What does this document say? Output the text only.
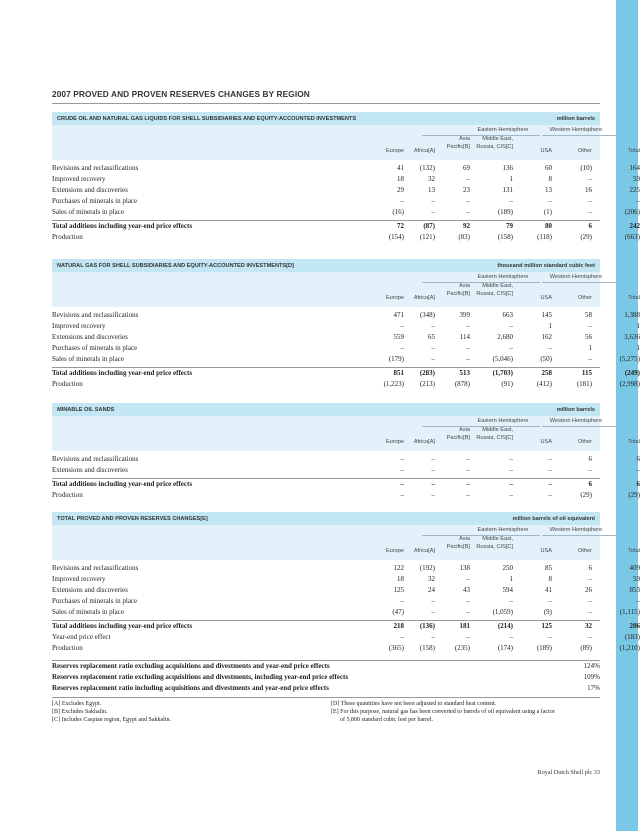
2007 PROVED AND PROVEN RESERVES CHANGES BY REGION
CRUDE OIL AND NATURAL GAS LIQUIDS FOR SHELL SUBSIDIARIES AND EQUITY-ACCOUNTED INVESTMENTS	million barrels
Eastern Hemisphere	Western Hemisphere
Asia	Middle East,
Europe	Africa[A]
Pacific[B]	Russia, CIS[C]
USA	Other	Total
Revisions and reclassifications	41	(132)	69	136	60	(10)	164
Improved recovery	18	32	–	1	8	–	59
Extensions and discoveries	29	13	23	131	13	16	225
Purchases of minerals in place	–	–	–	–	–	–	–
Sales of minerals in place	(16)	–	–	(189)	(1)	–	(206)
Total additions including year-end price effects	72	(87)	92	79	80	6	242
Production	(154)	(121)	(83)	(158)	(118)	(29)	(663)
NATURAL GAS FOR SHELL SUBSIDIARIES AND EQUITY-ACCOUNTED INVESTMENTS[D]	thousand million standard cubic feet
Eastern Hemisphere	Western Hemisphere
Asia	Middle East,
Europe	Africa[A]
Pacific[B]	Russia, CIS[C]
USA	Other	Total
Revisions and reclassifications	471	(348)	399	663	145	58	1,388
Improved recovery	–	–	–	–	1	–	1
Extensions and discoveries	559	65	114	2,680	162	56	3,636
Purchases of minerals in place	–	–	–	–	–	1	1
Sales of minerals in place	(179)	–	–	(5,046)	(50)	–	(5,275)
Total additions including year-end price effects	851	(283)	513	(1,703)	258	115	(249)
Production	(1,223)	(213)	(878)	(91)	(412)	(181)	(2,998)
MINABLE OIL SANDS	million barrels
Eastern Hemisphere	Western Hemisphere
Asia	Middle East,
Europe	Africa[A]
Pacific[B]	Russia, CIS[C]
USA	Other	Total
Revisions and reclassifications	–	–	–	–	–	6	6
Extensions and discoveries	–	–	–	–	–	–	–
Total additions including year-end price effects	–	–	–	–	–	6	6
Production	–	–	–	–	–	(29)	(29)
TOTAL PROVED AND PROVEN RESERVES CHANGES[E]	million barrels of oil equivalent
Eastern Hemisphere	Western Hemisphere
Asia	Middle East,
Europe	Africa[A]
Pacific[B]	Russia, CIS[C]
USA	Other	Total
Revisions and reclassifications	122	(192)	138	250	85	6	409
Improved recovery	18	32	–	1	8	–	59
Extensions and discoveries	125	24	43	594	41	26	853
Purchases of minerals in place	–	–	–	–	–	–	–
Sales of minerals in place	(47)	–	–	(1,059)	(9)	–	(1,115)
Total additions including year-end price effects	218	(136)	181	(214)	125	32	206
Year-end price effect	–	–	–	–	–	–	(183)
Production	(365)	(158)	(235)	(174)	(189)	(89)	(1,210)
Reserves replacement ratio excluding acquisitions and divestments and year-end price effects	124%
Reserves replacement ratio excluding acquisitions and divestments, including year-end price effects	109%
Reserves replacement ratio including acquisitions and divestments and year-end price effects	17%
[A] Excludes Egypt.
[B] Excludes Sakhalin.
[C] Includes Caspian region, Egypt and Sakhalin.
[D] These quantities have not been adjusted to standard heat content.
[E] For this purpose, natural gas has been converted to barrels of oil equivalent using a factor
of 5,800 standard cubic feet per barrel.
Royal Dutch Shell plc 33
